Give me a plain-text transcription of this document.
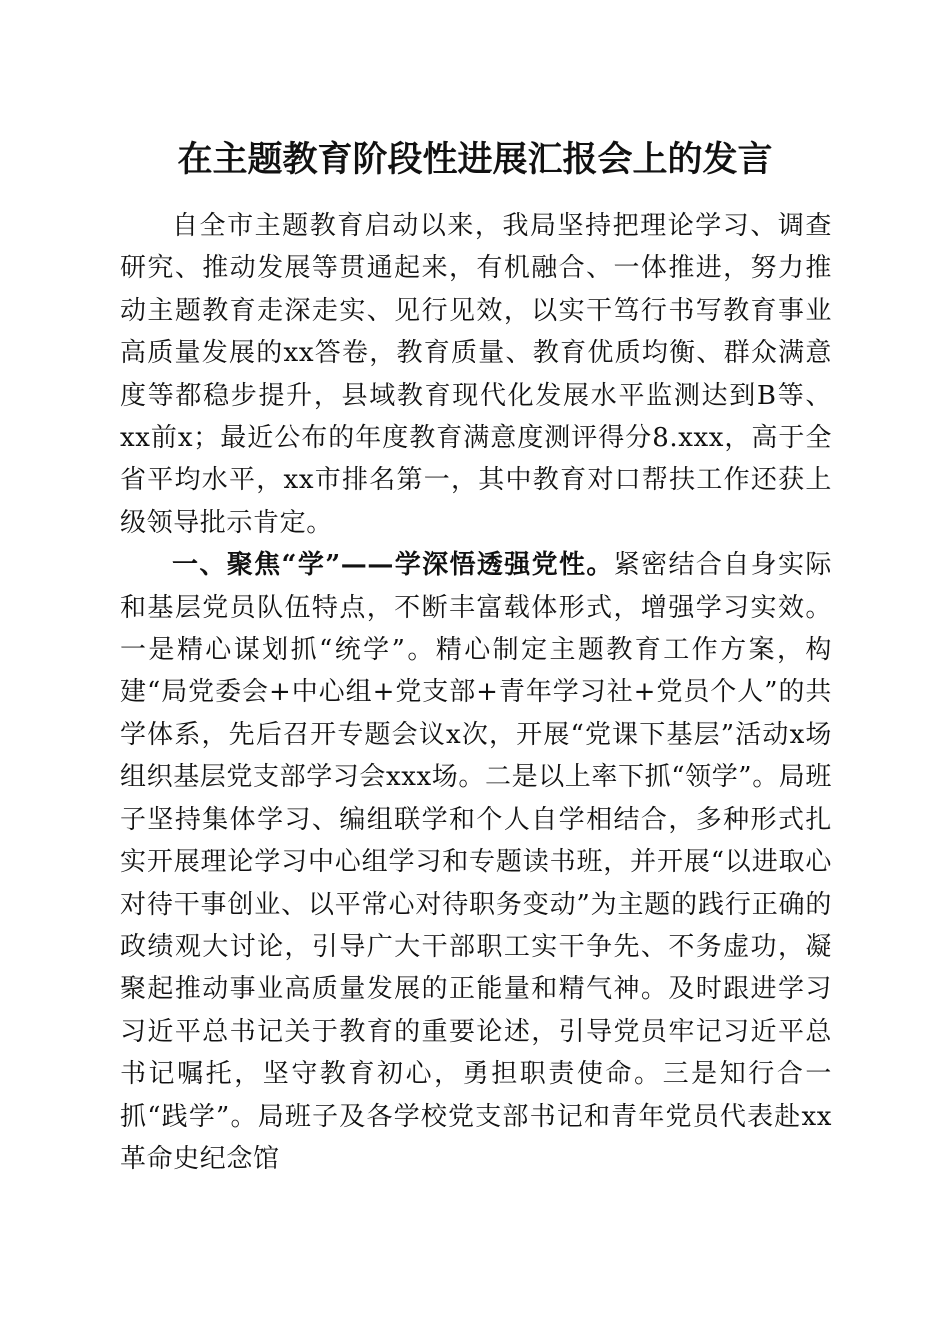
在主题教育阶段性进展汇报会上的发言

自全市主题教育启动以来，我局坚持把理论学习、调查研究、推动发展等贯通起来，有机融合、一体推进，努力推动主题教育走深走实、见行见效，以实干笃行书写教育事业高质量发展的xx答卷，教育质量、教育优质均衡、群众满意度等都稳步提升，县域教育现代化发展水平监测达到B等、xx前x；最近公布的年度教育满意度测评得分8.xxx，高于全省平均水平，xx市排名第一，其中教育对口帮扶工作还获上级领导批示肯定。

一、聚焦“学”——学深悟透强党性。紧密结合自身实际和基层党员队伍特点，不断丰富载体形式，增强学习实效。一是精心谋划抓“统学”。精心制定主题教育工作方案，构建“局党委会+中心组+党支部+青年学习社+党员个人”的共学体系，先后召开专题会议x次，开展“党课下基层”活动x场组织基层党支部学习会xxx场。二是以上率下抓“领学”。局班子坚持集体学习、编组联学和个人自学相结合，多种形式扎实开展理论学习中心组学习和专题读书班，并开展“以进取心对待干事创业、以平常心对待职务变动”为主题的践行正确的政绩观大讨论，引导广大干部职工实干争先、不务虚功，凝聚起推动事业高质量发展的正能量和精气神。及时跟进学习习近平总书记关于教育的重要论述，引导党员牢记习近平总书记嘱托，坚守教育初心，勇担职责使命。三是知行合一抓“践学”。局班子及各学校党支部书记和青年党员代表赴xx革命史纪念馆
